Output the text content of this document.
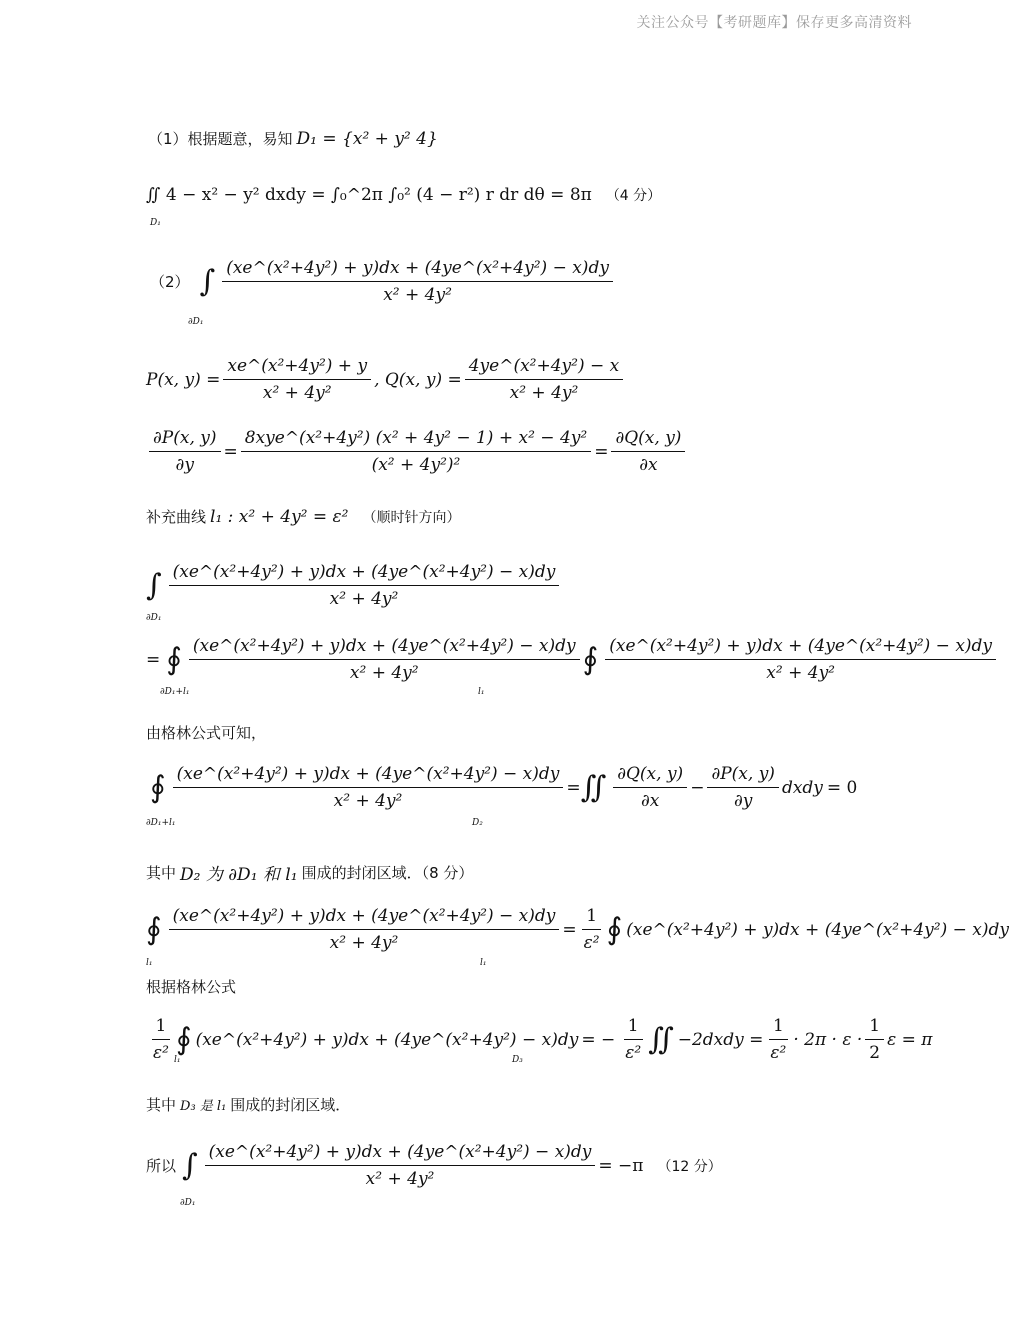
关注公众号【考研题库】保存更多高清资料
（1）根据题意，易知 D₁ = {x² + y² 4}
∬ 4 − x² − y² dxdy = ∫₀^2π ∫₀² (4 − r²) r dr dθ = 8π （4 分）
D₁
（2） ∫ $\frac{\text{(xe\textasciicircum{}(x²+4y²) + y)dx + (4ye\textasciicircum{}(x²+4y²) − x)dy}}{\text{x² + 4y²}}$
∂D₁
P(x, $y) = \frac{\text{xe\textasciicircum{}(x²+4y²) + y}}{\text{x² + 4y²}}$ , Q(x, $y) = \frac{\text{4ye\textasciicircum{}(x²+4y²) − x}}{\text{x² + 4y²}}$
$\frac{\partial P(x, y)}{\partial y} = \frac{\text{8xye\textasciicircum{}(x²+4y²) (x² + 4y² − 1) + x² − 4y²}}{\text{(x² + 4y²)²}} = \frac{\partial Q(x, y)}{\partial x}$
补充曲线 l₁ : x² + 4y² = ε² （顺时针方向）
∫ $\frac{\text{(xe\textasciicircum{}(x²+4y²) + y)dx + (4ye\textasciicircum{}(x²+4y²) − x)dy}}{\text{x² + 4y²}}$
∂D₁
= ∮ $\frac{\text{(xe\textasciicircum{}(x²+4y²) + y)dx + (4ye\textasciicircum{}(x²+4y²) − x)dy}}{\text{x² + 4y²}}$ ∮ $\frac{\text{(xe\textasciicircum{}(x²+4y²) + y)dx + (4ye\textasciicircum{}(x²+4y²) − x)dy}}{\text{x² + 4y²}}$
∂D₁+l₁	l₁
由格林公式可知，
∮ $\frac{\text{(xe\textasciicircum{}(x²+4y²) + y)dx + (4ye\textasciicircum{}(x²+4y²) − x)dy}}{\text{x² + 4y²}}$ = ∬ $\frac{\partial Q(x, y)}{\partial x} - \frac{\partial P(x, y)}{\partial y}$ dxdy = 0
∂D₁+l₁	D₂
其中 D₂ 为 ∂D₁ 和 l₁ 围成的封闭区域．（8 分）
∮ $\frac{\text{(xe\textasciicircum{}(x²+4y²) + y)dx + (4ye\textasciicircum{}(x²+4y²) − x)dy}}{\text{x² + 4y²}} = \frac{1}{\text{ε²}}$ ∮ (xe^(x²+4y²) + y)dx + (4ye^(x²+4y²) − x)dy
l₁	l₁
根据格林公式
$\frac{1}{\text{ε²}}$ ∮ (xe^(x²+4y²) + y)dx + (4ye^(x²+4y²) − x)dy = − $\frac{1}{\text{ε²}}$ ∬ −2dxdy = $\frac{1}{\text{ε²}} \cdot 2\pi \cdot \varepsilon \cdot \frac{1}{2}$ ε = π
l₁	D₃
其中 D₃ 是 l₁ 围成的封闭区域．
所以 ∫ $\frac{\text{(xe\textasciicircum{}(x²+4y²) + y)dx + (4ye\textasciicircum{}(x²+4y²) − x)dy}}{\text{x² + 4y²}} = -\pi$ （12 分）
∂D₁
